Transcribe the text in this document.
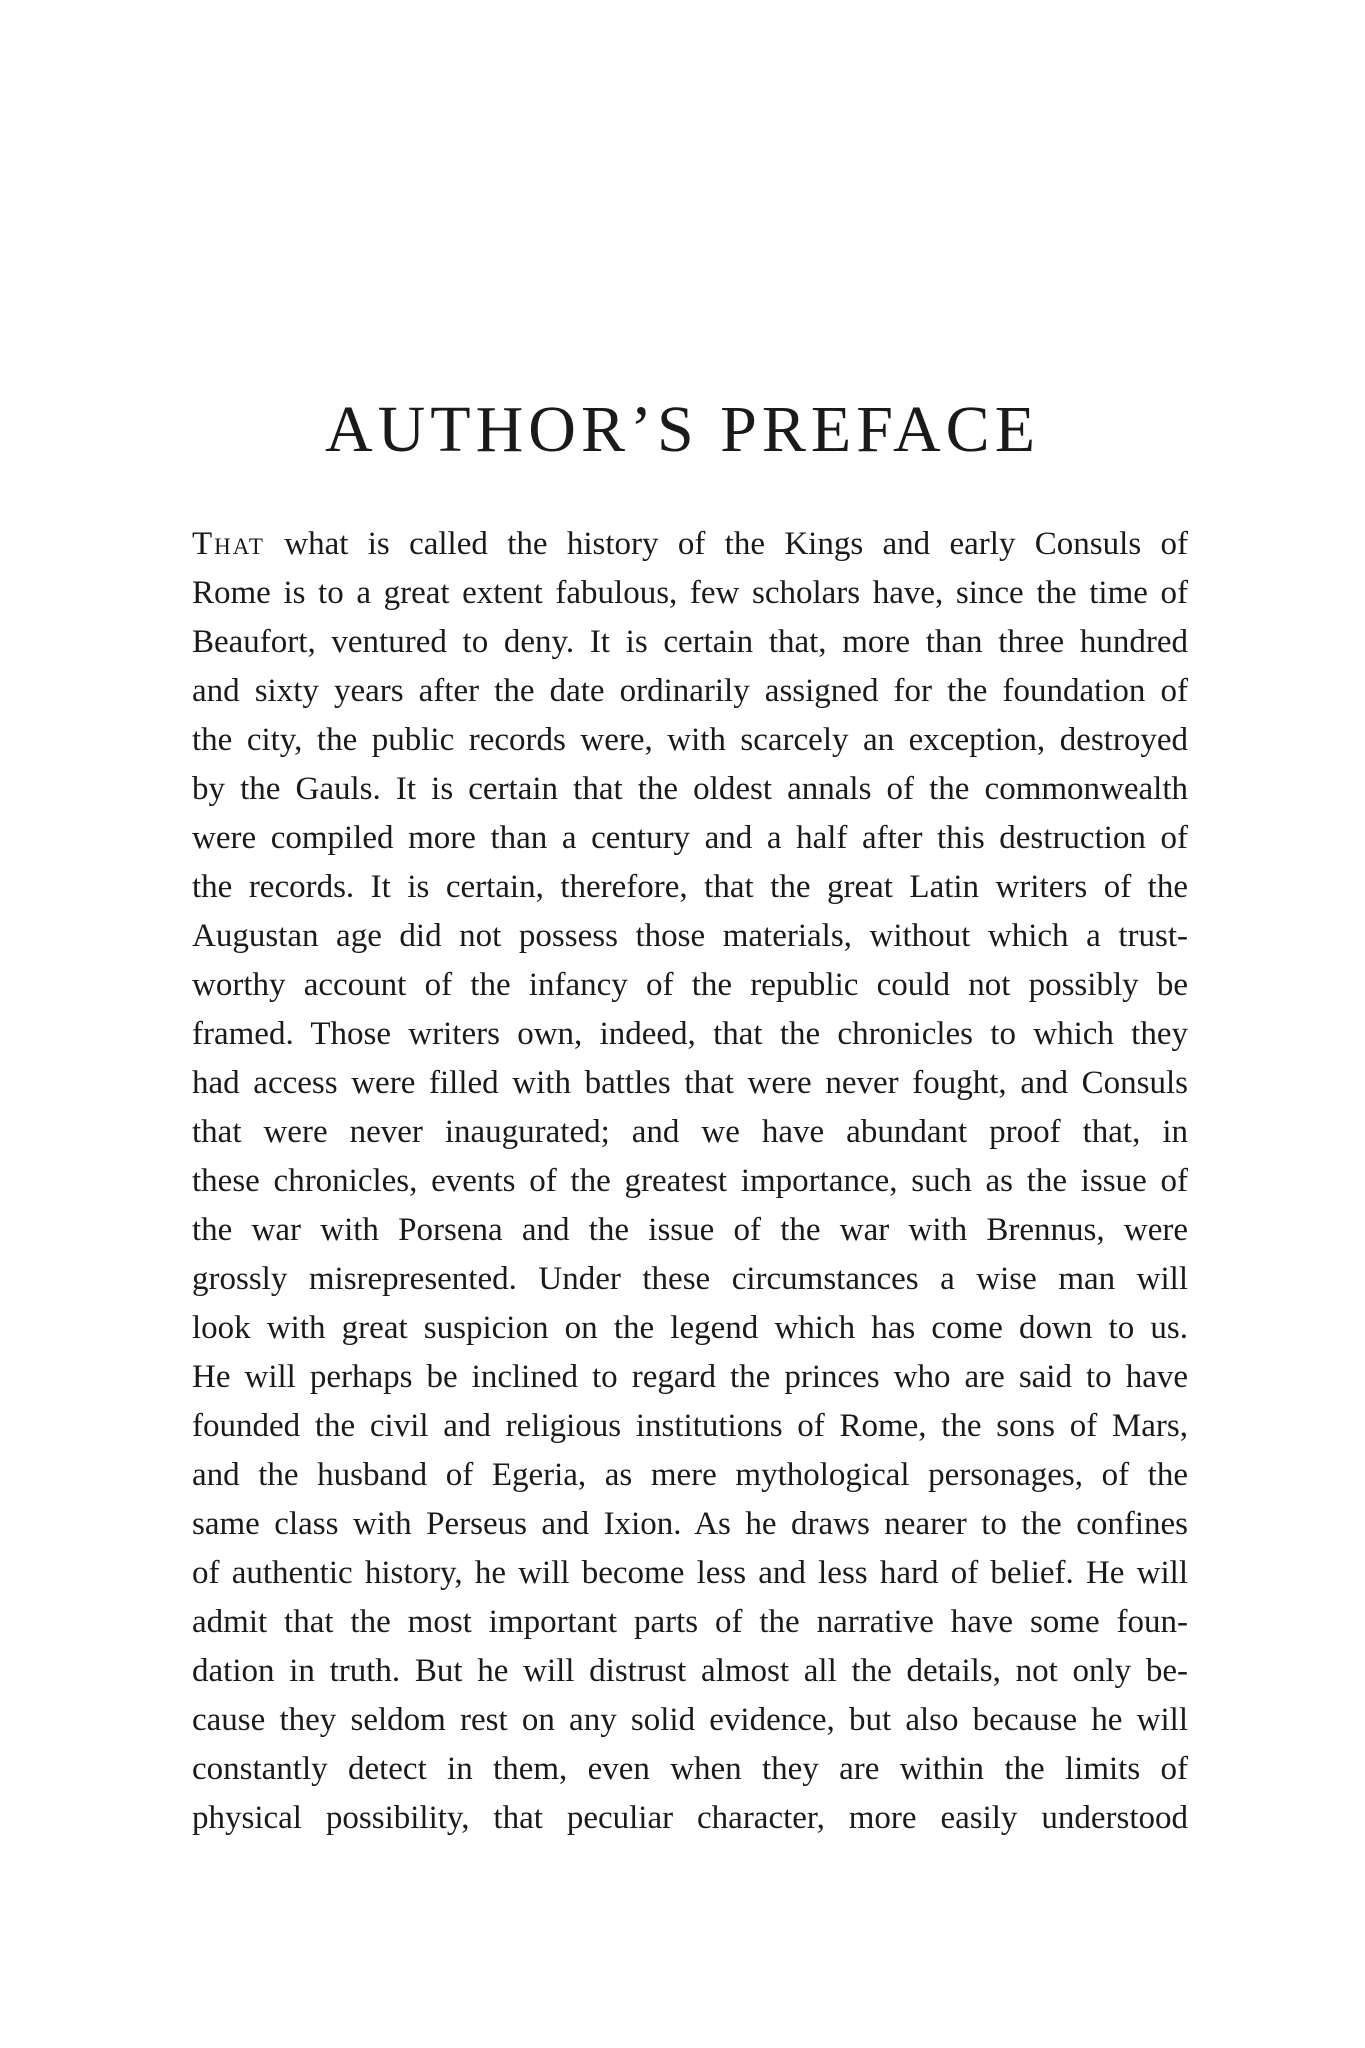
AUTHOR’S PREFACE
That what is called the history of the Kings and early Consuls of
Rome is to a great extent fabulous, few scholars have, since the time of
Beaufort, ventured to deny. It is certain that, more than three hundred
and sixty years after the date ordinarily assigned for the foundation of
the city, the public records were, with scarcely an exception, destroyed
by the Gauls. It is certain that the oldest annals of the commonwealth
were compiled more than a century and a half after this destruction of
the records. It is certain, therefore, that the great Latin writers of the
Augustan age did not possess those materials, without which a trust-
worthy account of the infancy of the republic could not possibly be
framed. Those writers own, indeed, that the chronicles to which they
had access were filled with battles that were never fought, and Consuls
that were never inaugurated; and we have abundant proof that, in
these chronicles, events of the greatest importance, such as the issue of
the war with Porsena and the issue of the war with Brennus, were
grossly misrepresented. Under these circumstances a wise man will
look with great suspicion on the legend which has come down to us.
He will perhaps be inclined to regard the princes who are said to have
founded the civil and religious institutions of Rome, the sons of Mars,
and the husband of Egeria, as mere mythological personages, of the
same class with Perseus and Ixion. As he draws nearer to the confines
of authentic history, he will become less and less hard of belief. He will
admit that the most important parts of the narrative have some foun-
dation in truth. But he will distrust almost all the details, not only be-
cause they seldom rest on any solid evidence, but also because he will
constantly detect in them, even when they are within the limits of
physical possibility, that peculiar character, more easily understood
